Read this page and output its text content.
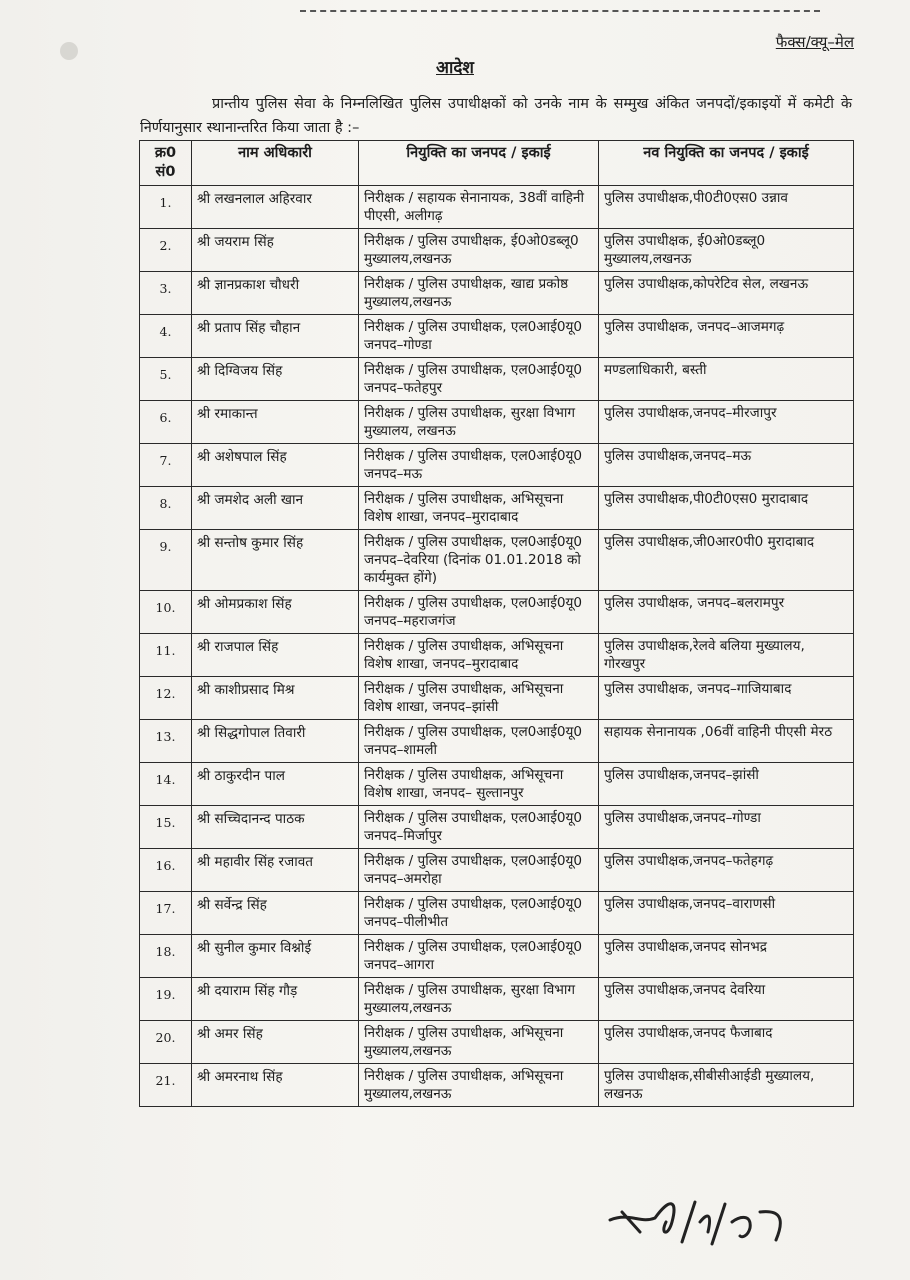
फैक्स/क्यू–मेल
आदेश
प्रान्तीय पुलिस सेवा के निम्नलिखित पुलिस उपाधीक्षकों को उनके नाम के सम्मुख अंकित जनपदों/इकाइयों में कमेटी के निर्णयानुसार स्थानान्तरित किया जाता है :–
क्र0 सं0	नाम अधिकारी	नियुक्ति का जनपद / इकाई	नव नियुक्ति का जनपद / इकाई
1.	श्री लखनलाल अहिरवार	निरीक्षक / सहायक सेनानायक, 38वीं वाहिनी पीएसी, अलीगढ़	पुलिस उपाधीक्षक,पी0टी0एस0 उन्नाव
2.	श्री जयराम सिंह	निरीक्षक / पुलिस उपाधीक्षक, ई0ओ0डब्लू0 मुख्यालय,लखनऊ	पुलिस उपाधीक्षक, ई0ओ0डब्लू0 मुख्यालय,लखनऊ
3.	श्री ज्ञानप्रकाश चौधरी	निरीक्षक / पुलिस उपाधीक्षक, खाद्य प्रकोष्ठ मुख्यालय,लखनऊ	पुलिस उपाधीक्षक,कोपरेटिव सेल, लखनऊ
4.	श्री प्रताप सिंह चौहान	निरीक्षक / पुलिस उपाधीक्षक, एल0आई0यू0 जनपद–गोण्डा	पुलिस उपाधीक्षक, जनपद–आजमगढ़
5.	श्री दिग्विजय सिंह	निरीक्षक / पुलिस उपाधीक्षक, एल0आई0यू0 जनपद–फतेहपुर	मण्डलाधिकारी, बस्ती
6.	श्री रमाकान्त	निरीक्षक / पुलिस उपाधीक्षक, सुरक्षा विभाग मुख्यालय, लखनऊ	पुलिस उपाधीक्षक,जनपद–मीरजापुर
7.	श्री अशेषपाल सिंह	निरीक्षक / पुलिस उपाधीक्षक, एल0आई0यू0 जनपद–मऊ	पुलिस उपाधीक्षक,जनपद–मऊ
8.	श्री जमशेद अली खान	निरीक्षक / पुलिस उपाधीक्षक, अभिसूचना विशेष शाखा, जनपद–मुरादाबाद	पुलिस उपाधीक्षक,पी0टी0एस0 मुरादाबाद
9.	श्री सन्तोष कुमार सिंह	निरीक्षक / पुलिस उपाधीक्षक, एल0आई0यू0 जनपद–देवरिया (दिनांक 01.01.2018 को कार्यमुक्त होंगे)	पुलिस उपाधीक्षक,जी0आर0पी0 मुरादाबाद
10.	श्री ओमप्रकाश सिंह	निरीक्षक / पुलिस उपाधीक्षक, एल0आई0यू0 जनपद–महराजगंज	पुलिस उपाधीक्षक, जनपद–बलरामपुर
11.	श्री राजपाल सिंह	निरीक्षक / पुलिस उपाधीक्षक, अभिसूचना विशेष शाखा, जनपद–मुरादाबाद	पुलिस उपाधीक्षक,रेलवे बलिया मुख्यालय, गोरखपुर
12.	श्री काशीप्रसाद मिश्र	निरीक्षक / पुलिस उपाधीक्षक, अभिसूचना विशेष शाखा, जनपद–झांसी	पुलिस उपाधीक्षक, जनपद–गाजियाबाद
13.	श्री सिद्धगोपाल तिवारी	निरीक्षक / पुलिस उपाधीक्षक, एल0आई0यू0 जनपद–शामली	सहायक सेनानायक ,06वीं वाहिनी पीएसी मेरठ
14.	श्री ठाकुरदीन पाल	निरीक्षक / पुलिस उपाधीक्षक, अभिसूचना विशेष शाखा, जनपद– सुल्तानपुर	पुलिस उपाधीक्षक,जनपद–झांसी
15.	श्री सच्चिदानन्द पाठक	निरीक्षक / पुलिस उपाधीक्षक, एल0आई0यू0 जनपद–मिर्जापुर	पुलिस उपाधीक्षक,जनपद–गोण्डा
16.	श्री महावीर सिंह रजावत	निरीक्षक / पुलिस उपाधीक्षक, एल0आई0यू0 जनपद–अमरोहा	पुलिस उपाधीक्षक,जनपद–फतेहगढ़
17.	श्री सर्वेन्द्र सिंह	निरीक्षक / पुलिस उपाधीक्षक, एल0आई0यू0 जनपद–पीलीभीत	पुलिस उपाधीक्षक,जनपद–वाराणसी
18.	श्री सुनील कुमार विश्नोई	निरीक्षक / पुलिस उपाधीक्षक, एल0आई0यू0 जनपद–आगरा	पुलिस उपाधीक्षक,जनपद सोनभद्र
19.	श्री दयाराम सिंह गौड़	निरीक्षक / पुलिस उपाधीक्षक, सुरक्षा विभाग मुख्यालय,लखनऊ	पुलिस उपाधीक्षक,जनपद देवरिया
20.	श्री अमर सिंह	निरीक्षक / पुलिस उपाधीक्षक, अभिसूचना मुख्यालय,लखनऊ	पुलिस उपाधीक्षक,जनपद फैजाबाद
21.	श्री अमरनाथ सिंह	निरीक्षक / पुलिस उपाधीक्षक, अभिसूचना मुख्यालय,लखनऊ	पुलिस उपाधीक्षक,सीबीसीआईडी मुख्यालय, लखनऊ
